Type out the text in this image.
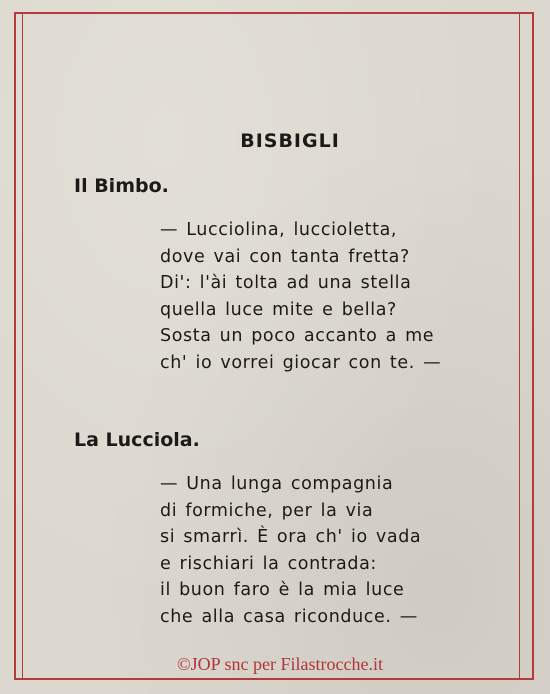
BISBIGLI
Il Bimbo.
— Lucciolina, luccioletta,
dove vai con tanta fretta?
Di': l'ài tolta ad una stella
quella luce mite e bella?
Sosta un poco accanto a me
ch' io vorrei giocar con te. —
La Lucciola.
— Una lunga compagnia
di formiche, per la via
si smarrì. È ora ch' io vada
e rischiari la contrada:
il buon faro è la mia luce
che alla casa riconduce. —
©JOP snc per Filastrocche.it
